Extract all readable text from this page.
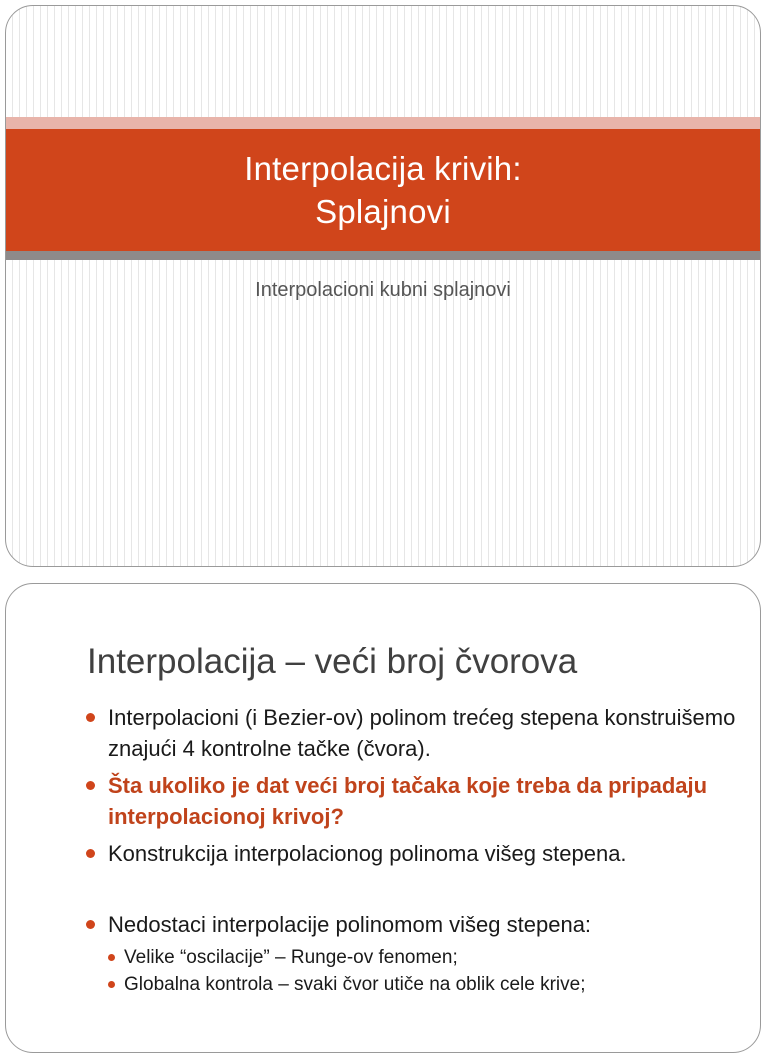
Interpolacija krivih:
Splajnovi
Interpolacioni kubni splajnovi
Interpolacija – veći broj čvorova
Interpolacioni (i Bezier-ov) polinom trećeg stepena konstruišemo znajući 4 kontrolne tačke (čvora).
Šta ukoliko je dat veći broj tačaka koje treba da pripadaju interpolacionoj krivoj?
Konstrukcija interpolacionog polinoma višeg stepena.
Nedostaci interpolacije polinomom višeg stepena:
Velike “oscilacije” – Runge-ov fenomen;
Globalna kontrola – svaki čvor utiče na oblik cele krive;
